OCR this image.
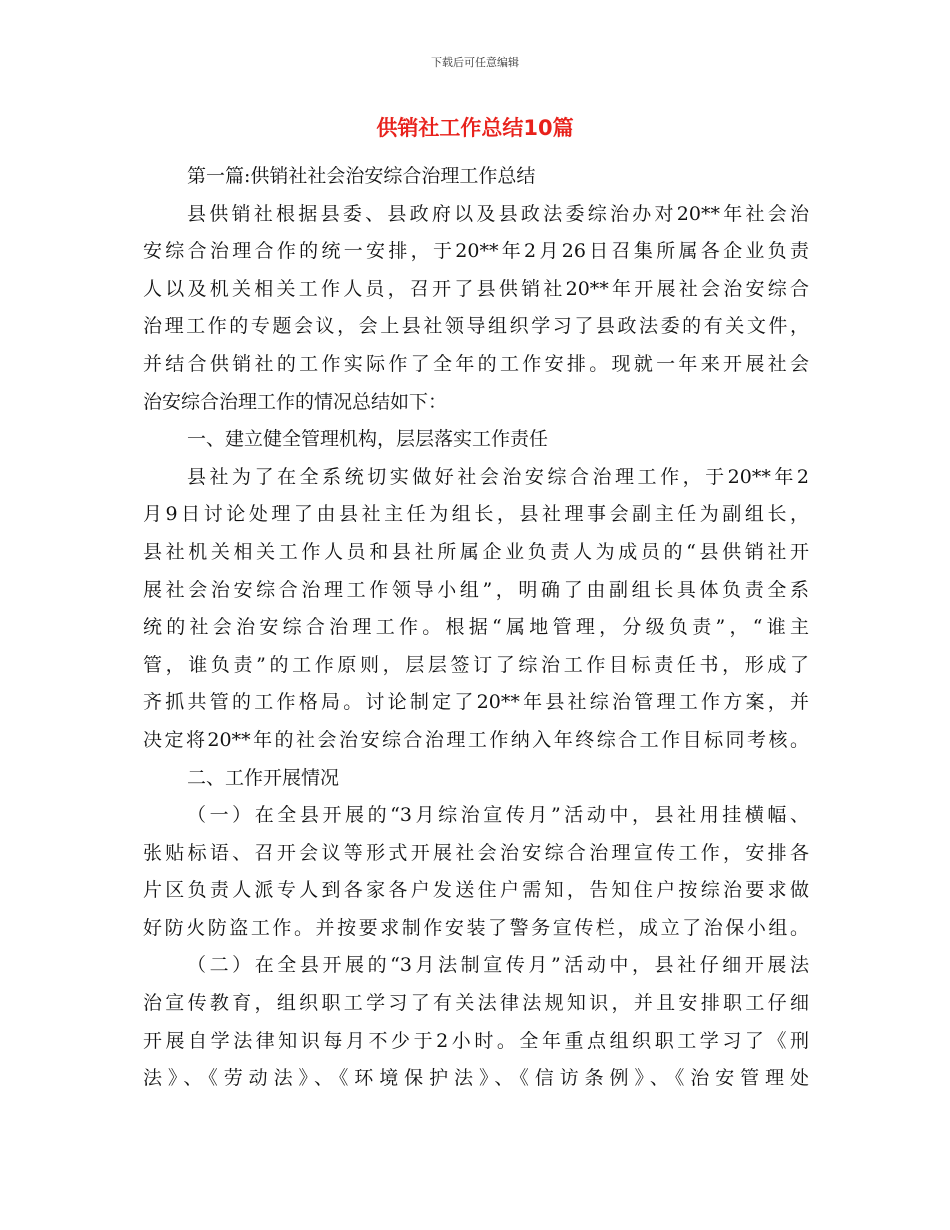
下载后可任意编辑
供销社工作总结10篇
第一篇:供销社社会治安综合治理工作总结
县供销社根据县委、县政府以及县政法委综治办对20**年社会治
安综合治理合作的统一安排，于20**年2月26日召集所属各企业负责
人以及机关相关工作人员，召开了县供销社20**年开展社会治安综合
治理工作的专题会议，会上县社领导组织学习了县政法委的有关文件，
并结合供销社的工作实际作了全年的工作安排。现就一年来开展社会
治安综合治理工作的情况总结如下：
一、建立健全管理机构，层层落实工作责任
县社为了在全系统切实做好社会治安综合治理工作，于20**年2
月9日讨论处理了由县社主任为组长，县社理事会副主任为副组长，
县社机关相关工作人员和县社所属企业负责人为成员的“县供销社开
展社会治安综合治理工作领导小组”，明确了由副组长具体负责全系
统的社会治安综合治理工作。根据“属地管理，分级负责”，“谁主
管，谁负责”的工作原则，层层签订了综治工作目标责任书，形成了
齐抓共管的工作格局。讨论制定了20**年县社综治管理工作方案，并
决定将20**年的社会治安综合治理工作纳入年终综合工作目标同考核。
二、工作开展情况
（一）在全县开展的“3月综治宣传月”活动中，县社用挂横幅、
张贴标语、召开会议等形式开展社会治安综合治理宣传工作，安排各
片区负责人派专人到各家各户发送住户需知，告知住户按综治要求做
好防火防盗工作。并按要求制作安装了警务宣传栏，成立了治保小组。
（二）在全县开展的“3月法制宣传月”活动中，县社仔细开展法
治宣传教育，组织职工学习了有关法律法规知识，并且安排职工仔细
开展自学法律知识每月不少于2小时。全年重点组织职工学习了《刑
法》、《劳动法》、《环境保护法》、《信访条例》、《治安管理处
